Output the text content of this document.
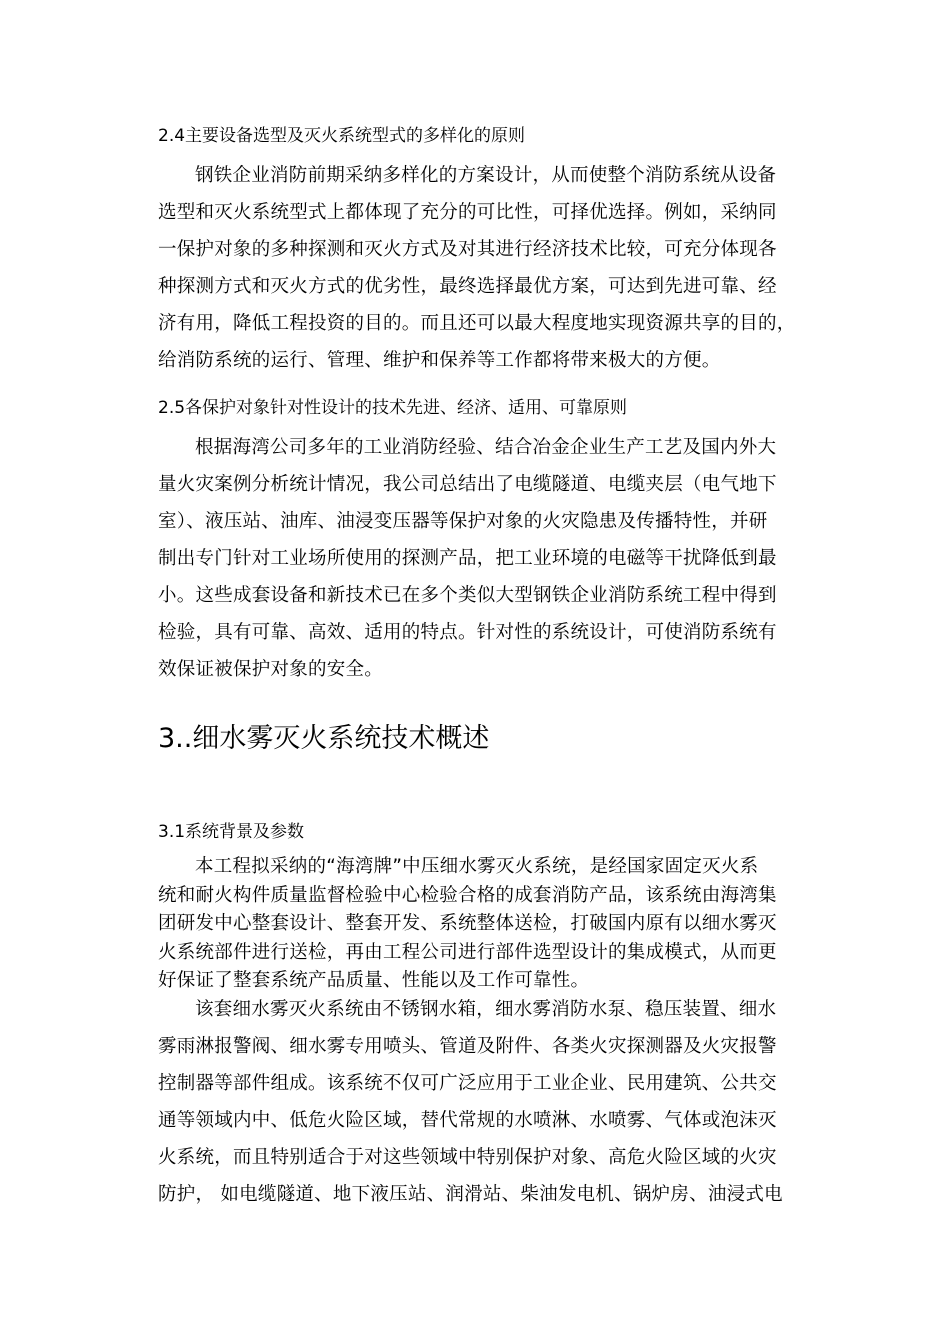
2.4主要设备选型及灭火系统型式的多样化的原则
钢铁企业消防前期采纳多样化的方案设计，从而使整个消防系统从设备
选型和灭火系统型式上都体现了充分的可比性，可择优选择。例如，采纳同
一保护对象的多种探测和灭火方式及对其进行经济技术比较，可充分体现各
种探测方式和灭火方式的优劣性，最终选择最优方案，可达到先进可靠、经
济有用，降低工程投资的目的。而且还可以最大程度地实现资源共享的目的，
给消防系统的运行、管理、维护和保养等工作都将带来极大的方便。
2.5各保护对象针对性设计的技术先进、经济、适用、可靠原则
根据海湾公司多年的工业消防经验、结合冶金企业生产工艺及国内外大
量火灾案例分析统计情况，我公司总结出了电缆隧道、电缆夹层（电气地下
室）、液压站、油库、油浸变压器等保护对象的火灾隐患及传播特性，并研
制出专门针对工业场所使用的探测产品，把工业环境的电磁等干扰降低到最
小。这些成套设备和新技术已在多个类似大型钢铁企业消防系统工程中得到
检验，具有可靠、高效、适用的特点。针对性的系统设计，可使消防系统有
效保证被保护对象的安全。
3..细水雾灭火系统技术概述
3.1系统背景及参数
本工程拟采纳的“海湾牌”中压细水雾灭火系统，是经国家固定灭火系
统和耐火构件质量监督检验中心检验合格的成套消防产品，该系统由海湾集
团研发中心整套设计、整套开发、系统整体送检，打破国内原有以细水雾灭
火系统部件进行送检，再由工程公司进行部件选型设计的集成模式，从而更
好保证了整套系统产品质量、性能以及工作可靠性。
该套细水雾灭火系统由不锈钢水箱，细水雾消防水泵、稳压装置、细水
雾雨淋报警阀、细水雾专用喷头、管道及附件、各类火灾探测器及火灾报警
控制器等部件组成。该系统不仅可广泛应用于工业企业、民用建筑、公共交
通等领域内中、低危火险区域，替代常规的水喷淋、水喷雾、气体或泡沫灭
火系统，而且特别适合于对这些领域中特别保护对象、高危火险区域的火灾
防护， 如电缆隧道、地下液压站、润滑站、柴油发电机、锅炉房、油浸式电
